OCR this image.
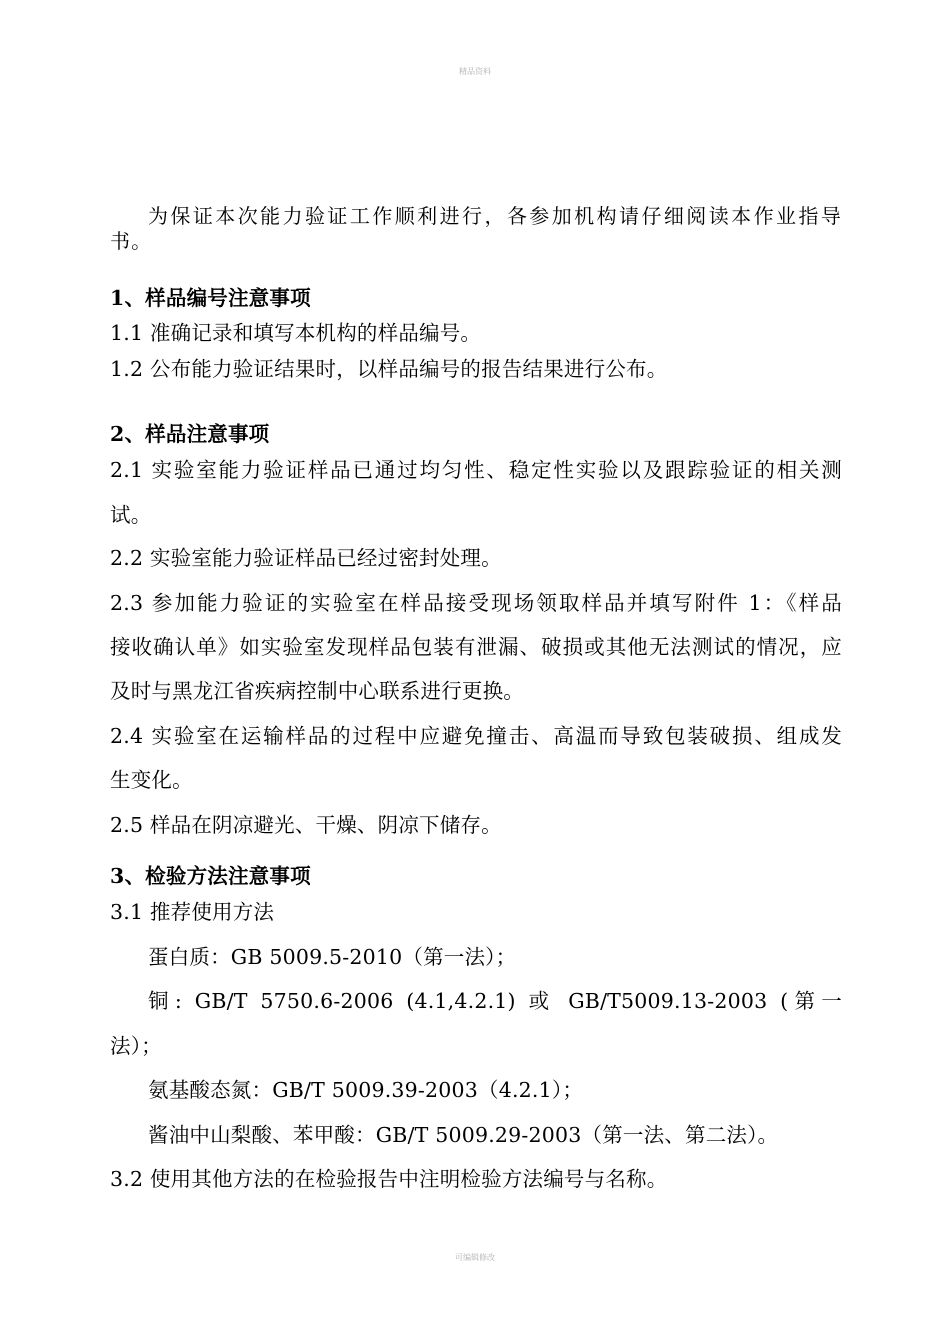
精品资料
为保证本次能力验证工作顺利进行，各参加机构请仔细阅读本作业指导
书。
1、样品编号注意事项
1.1 准确记录和填写本机构的样品编号。
1.2 公布能力验证结果时，以样品编号的报告结果进行公布。
2、样品注意事项
2.1 实验室能力验证样品已通过均匀性、稳定性实验以及跟踪验证的相关测
试。
2.2 实验室能力验证样品已经过密封处理。
2.3 参加能力验证的实验室在样品接受现场领取样品并填写附件 1：《样品
接收确认单》如实验室发现样品包装有泄漏、破损或其他无法测试的情况，应
及时与黑龙江省疾病控制中心联系进行更换。
2.4 实验室在运输样品的过程中应避免撞击、高温而导致包装破损、组成发
生变化。
2.5 样品在阴凉避光、干燥、阴凉下储存。
3、检验方法注意事项
3.1 推荐使用方法
蛋白质：GB 5009.5-2010（第一法）；
铜: GB/T 5750.6-2006 (4.1,4.2.1) 或 GB/T5009.13-2003 (第一
法）；
氨基酸态氮：GB/T 5009.39-2003（4.2.1）；
酱油中山梨酸、苯甲酸：GB/T 5009.29-2003（第一法、第二法）。
3.2 使用其他方法的在检验报告中注明检验方法编号与名称。
可编辑修改
